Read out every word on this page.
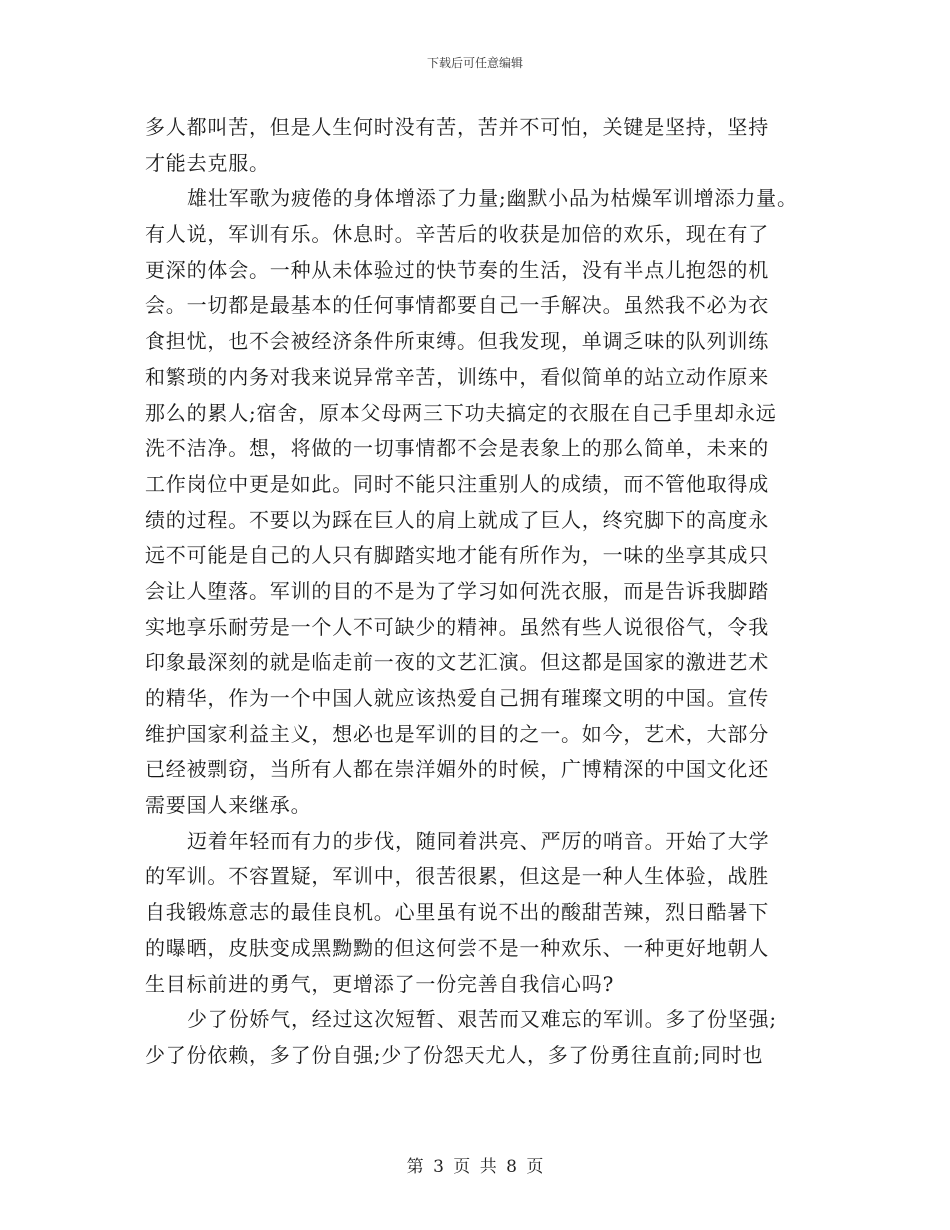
下载后可任意编辑
多人都叫苦，但是人生何时没有苦，苦并不可怕，关键是坚持，坚持
才能去克服。
雄壮军歌为疲倦的身体增添了力量;幽默小品为枯燥军训增添力量。
有人说，军训有乐。休息时。辛苦后的收获是加倍的欢乐，现在有了
更深的体会。一种从未体验过的快节奏的生活，没有半点儿抱怨的机
会。一切都是最基本的任何事情都要自己一手解决。虽然我不必为衣
食担忧，也不会被经济条件所束缚。但我发现，单调乏味的队列训练
和繁琐的内务对我来说异常辛苦，训练中，看似简单的站立动作原来
那么的累人;宿舍，原本父母两三下功夫搞定的衣服在自己手里却永远
洗不洁净。想，将做的一切事情都不会是表象上的那么简单，未来的
工作岗位中更是如此。同时不能只注重别人的成绩，而不管他取得成
绩的过程。不要以为踩在巨人的肩上就成了巨人，终究脚下的高度永
远不可能是自己的人只有脚踏实地才能有所作为，一味的坐享其成只
会让人堕落。军训的目的不是为了学习如何洗衣服，而是告诉我脚踏
实地享乐耐劳是一个人不可缺少的精神。虽然有些人说很俗气，令我
印象最深刻的就是临走前一夜的文艺汇演。但这都是国家的激进艺术
的精华，作为一个中国人就应该热爱自己拥有璀璨文明的中国。宣传
维护国家利益主义，想必也是军训的目的之一。如今，艺术，大部分
已经被剽窃，当所有人都在崇洋媚外的时候，广博精深的中国文化还
需要国人来继承。
迈着年轻而有力的步伐，随同着洪亮、严厉的哨音。开始了大学
的军训。不容置疑，军训中，很苦很累，但这是一种人生体验，战胜
自我锻炼意志的最佳良机。心里虽有说不出的酸甜苦辣，烈日酷暑下
的曝晒，皮肤变成黑黝黝的但这何尝不是一种欢乐、一种更好地朝人
生目标前进的勇气，更增添了一份完善自我信心吗?
少了份娇气，经过这次短暂、艰苦而又难忘的军训。多了份坚强;
少了份依赖，多了份自强;少了份怨天尤人，多了份勇往直前;同时也
第 3 页 共 8 页
